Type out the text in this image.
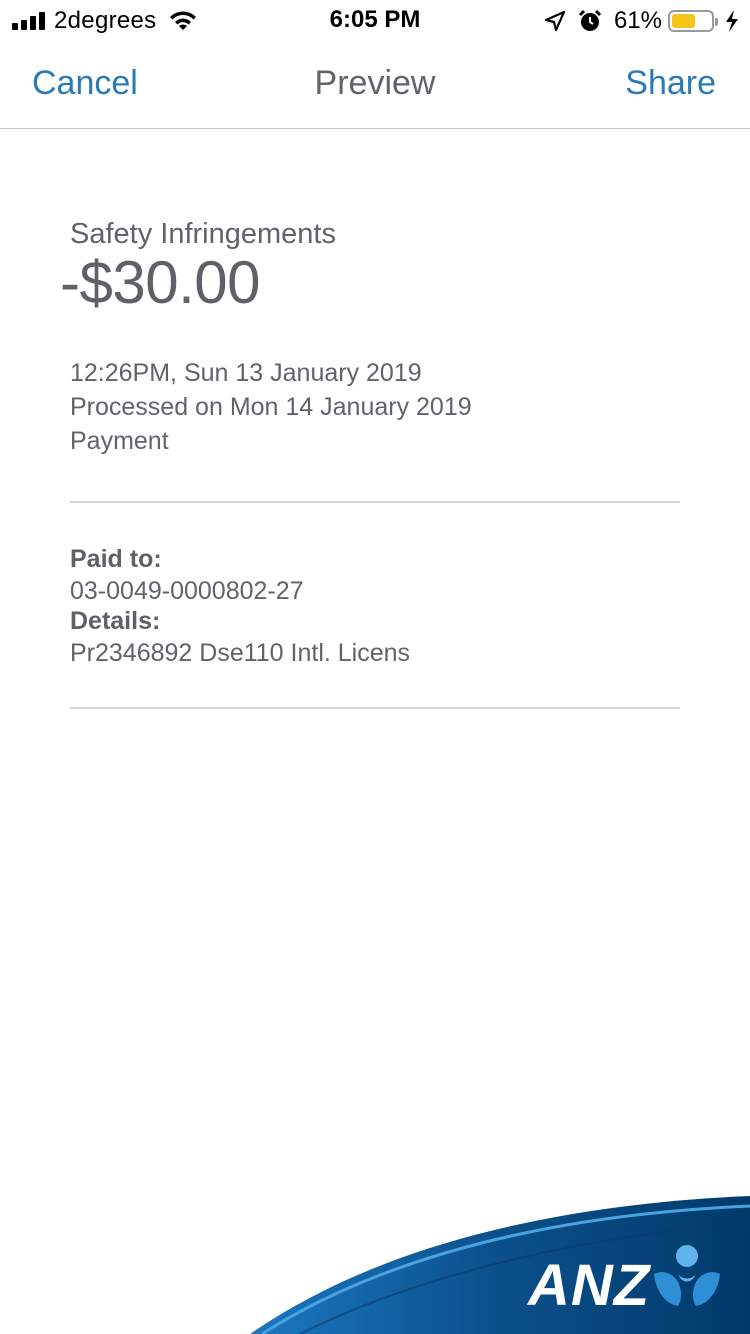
2degrees	6:05 PM	61%
Preview
Cancel	Share
Safety Infringements
-$30.00
12:26PM, Sun 13 January 2019
Processed on Mon 14 January 2019
Payment
Paid to:
03-0049-0000802-27
Details:
Pr2346892 Dse110 Intl. Licens
ANZ
